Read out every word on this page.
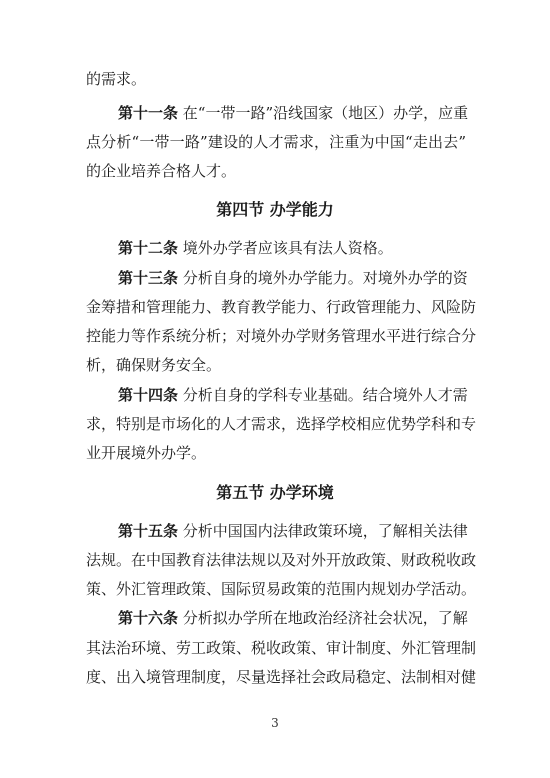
的需求。
第十一条 在“一带一路”沿线国家（地区）办学，应重
点分析“一带一路”建设的人才需求，注重为中国“走出去”
的企业培养合格人才。
第四节 办学能力
第十二条 境外办学者应该具有法人资格。
第十三条 分析自身的境外办学能力。对境外办学的资
金筹措和管理能力、教育教学能力、行政管理能力、风险防
控能力等作系统分析；对境外办学财务管理水平进行综合分
析，确保财务安全。
第十四条 分析自身的学科专业基础。结合境外人才需
求，特别是市场化的人才需求，选择学校相应优势学科和专
业开展境外办学。
第五节 办学环境
第十五条 分析中国国内法律政策环境，了解相关法律
法规。在中国教育法律法规以及对外开放政策、财政税收政
策、外汇管理政策、国际贸易政策的范围内规划办学活动。
第十六条 分析拟办学所在地政治经济社会状况，了解
其法治环境、劳工政策、税收政策、审计制度、外汇管理制
度、出入境管理制度，尽量选择社会政局稳定、法制相对健
3
